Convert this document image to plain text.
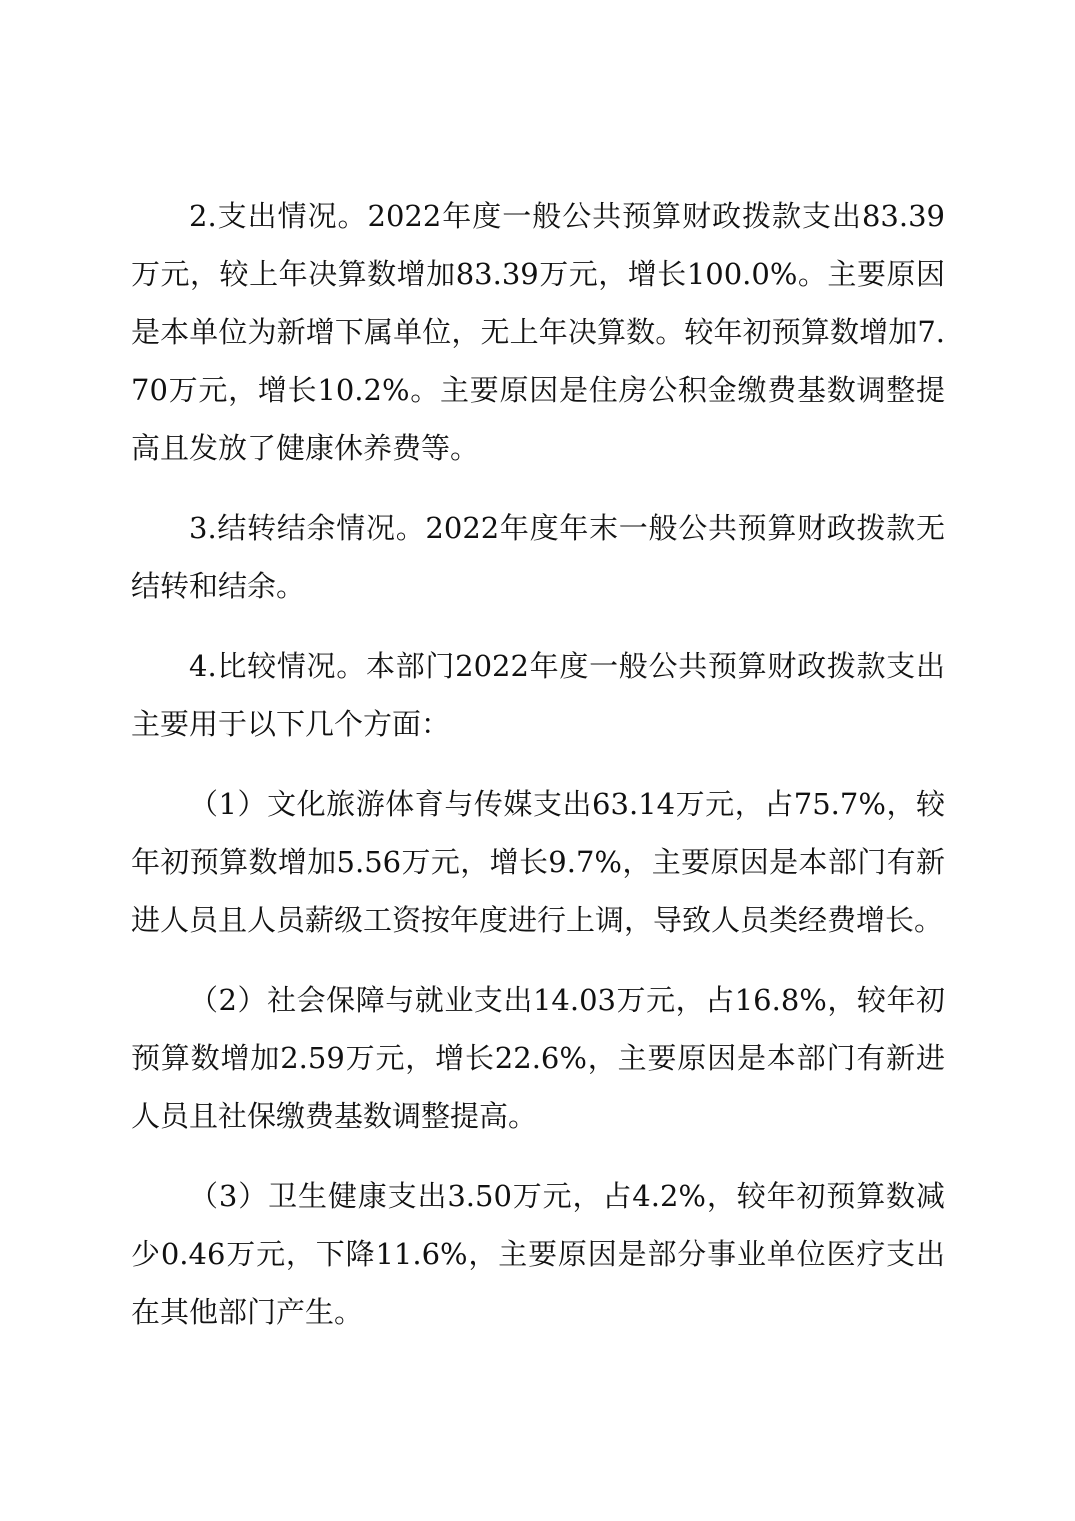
2.支出情况。2022年度一般公共预算财政拨款支出83.39万元，较上年决算数增加83.39万元，增长100.0%。主要原因是本单位为新增下属单位，无上年决算数。较年初预算数增加7.70万元，增长10.2%。主要原因是住房公积金缴费基数调整提高且发放了健康休养费等。

3.结转结余情况。2022年度年末一般公共预算财政拨款无结转和结余。

4.比较情况。本部门2022年度一般公共预算财政拨款支出主要用于以下几个方面：

（1）文化旅游体育与传媒支出63.14万元，占75.7%，较年初预算数增加5.56万元，增长9.7%，主要原因是本部门有新进人员且人员薪级工资按年度进行上调，导致人员类经费增长。

（2）社会保障与就业支出14.03万元，占16.8%，较年初预算数增加2.59万元，增长22.6%，主要原因是本部门有新进人员且社保缴费基数调整提高。

（3）卫生健康支出3.50万元，占4.2%，较年初预算数减少0.46万元，下降11.6%，主要原因是部分事业单位医疗支出在其他部门产生。
